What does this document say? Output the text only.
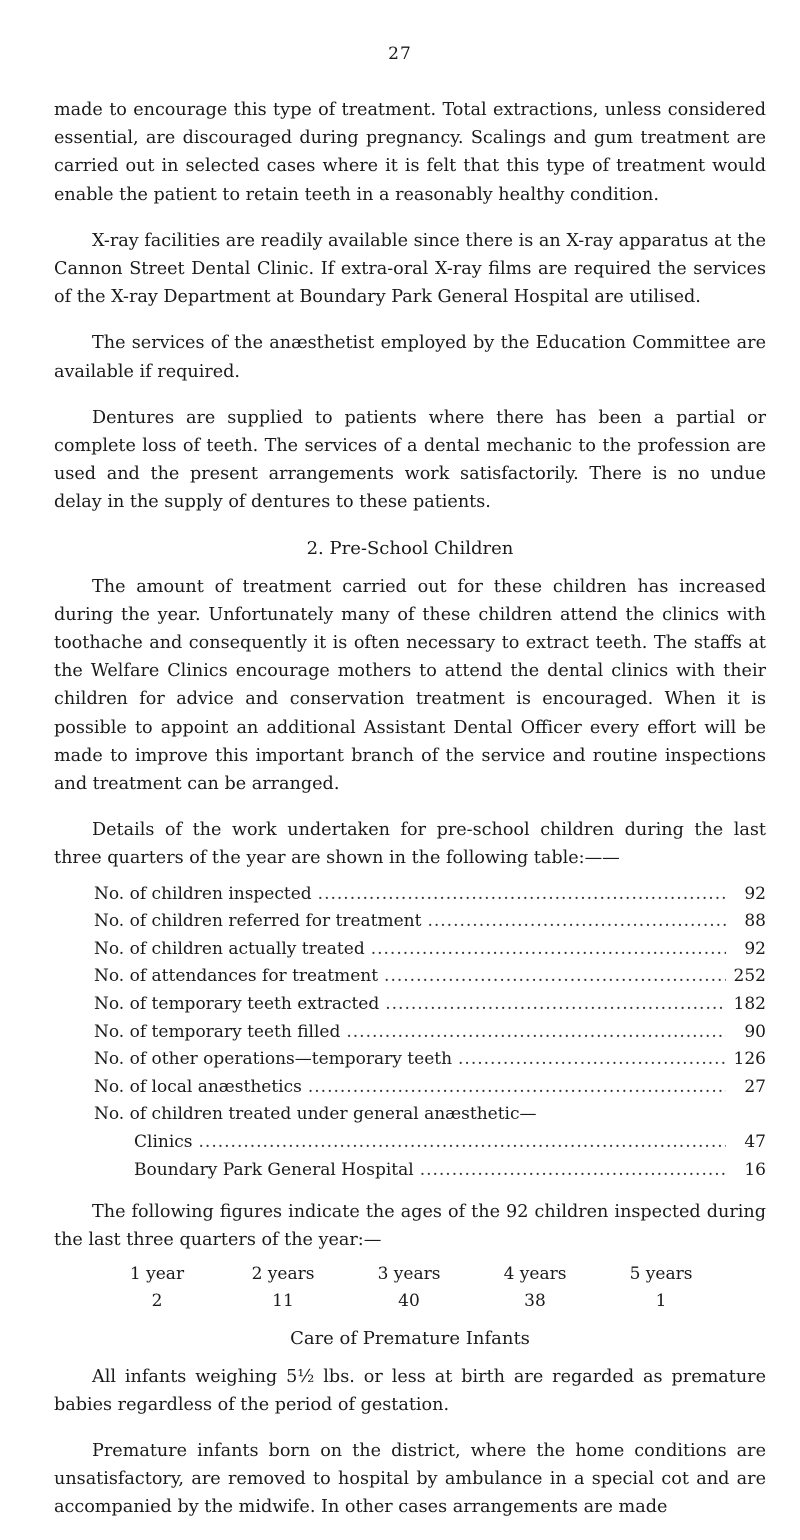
27

made to encourage this type of treatment. Total extractions, unless considered essential, are discouraged during pregnancy. Scalings and gum treatment are carried out in selected cases where it is felt that this type of treatment would enable the patient to retain teeth in a reasonably healthy condition.

X-ray facilities are readily available since there is an X-ray apparatus at the Cannon Street Dental Clinic. If extra-oral X-ray films are required the services of the X-ray Department at Boundary Park General Hospital are utilised.

The services of the anæsthetist employed by the Education Committee are available if required.

Dentures are supplied to patients where there has been a partial or complete loss of teeth. The services of a dental mechanic to the profession are used and the present arrangements work satisfactorily. There is no undue delay in the supply of dentures to these patients.

2. Pre-School Children

The amount of treatment carried out for these children has increased during the year. Unfortunately many of these children attend the clinics with toothache and consequently it is often necessary to extract teeth. The staffs at the Welfare Clinics encourage mothers to attend the dental clinics with their children for advice and conservation treatment is encouraged. When it is possible to appoint an additional Assistant Dental Officer every effort will be made to improve this important branch of the service and routine inspections and treatment can be arranged.

Details of the work undertaken for pre-school children during the last three quarters of the year are shown in the following table:——

No. of children inspected .....	92
No. of children referred for treatment .....	88
No. of children actually treated .....	92
No. of attendances for treatment .....	252
No. of temporary teeth extracted .....	182
No. of temporary teeth filled .....	90
No. of other operations—temporary teeth .....	126
No. of local anæsthetics .....	27
No. of children treated under general anæsthetic—
Clinics .....	47
Boundary Park General Hospital .....	16

The following figures indicate the ages of the 92 children inspected during the last three quarters of the year:—

1 year	2 years	3 years	4 years	5 years
2	11	40	38	1
Care of Premature Infants

All infants weighing 5½ lbs. or less at birth are regarded as premature babies regardless of the period of gestation.

Premature infants born on the district, where the home conditions are unsatisfactory, are removed to hospital by ambulance in a special cot and are accompanied by the midwife. In other cases arrangements are made
